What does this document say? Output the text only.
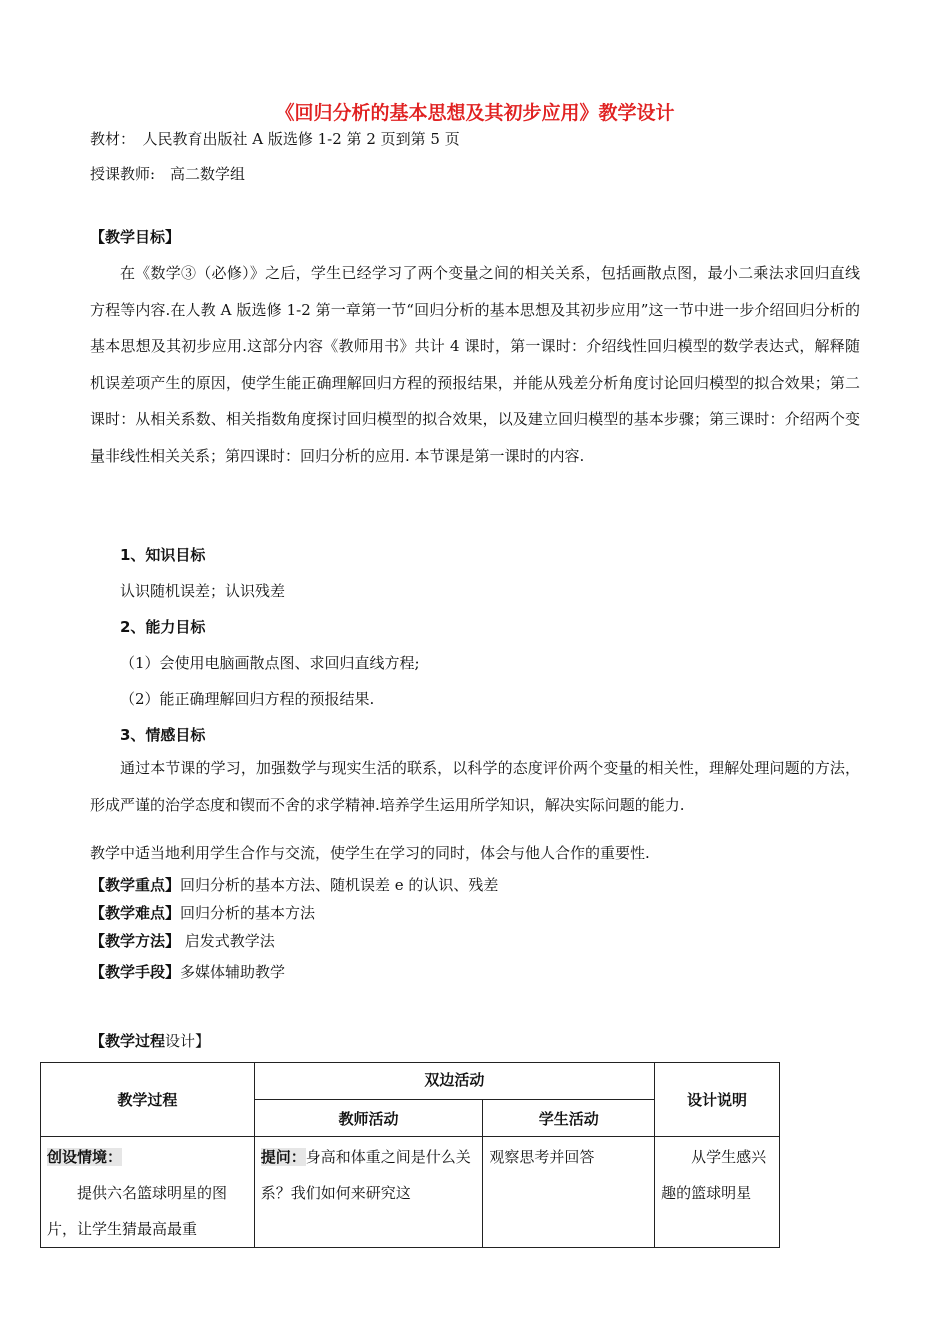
《回归分析的基本思想及其初步应用》教学设计
教材：　人民教育出版社 A 版选修 1-2 第 2 页到第 5 页
授课教师:　高二数学组
【教学目标】
在《数学③（必修）》之后，学生已经学习了两个变量之间的相关关系，包括画散点图，最小二乘法求回归直线方程等内容.在人教 A 版选修 1-2 第一章第一节“回归分析的基本思想及其初步应用”这一节中进一步介绍回归分析的基本思想及其初步应用.这部分内容《教师用书》共计 4 课时，第一课时：介绍线性回归模型的数学表达式，解释随机误差项产生的原因，使学生能正确理解回归方程的预报结果，并能从残差分析角度讨论回归模型的拟合效果；第二课时：从相关系数、相关指数角度探讨回归模型的拟合效果，以及建立回归模型的基本步骤；第三课时：介绍两个变量非线性相关关系；第四课时：回归分析的应用. 本节课是第一课时的内容.
1、知识目标
认识随机误差；认识残差
2、能力目标
（1）会使用电脑画散点图、求回归直线方程;
（2）能正确理解回归方程的预报结果.
3、情感目标
通过本节课的学习，加强数学与现实生活的联系，以科学的态度评价两个变量的相关性，理解处理问题的方法，形成严谨的治学态度和锲而不舍的求学精神.培养学生运用所学知识，解决实际问题的能力.
教学中适当地利用学生合作与交流，使学生在学习的同时，体会与他人合作的重要性.
【教学重点】回归分析的基本方法、随机误差 e 的认识、残差
【教学难点】回归分析的基本方法
【教学方法】 启发式教学法
【教学手段】多媒体辅助教学
【教学过程设计】
教学过程	双边活动		设计说明
	教师活动	学生活动	

创设情境：

提供六名篮球明星的图片，让学生猜最高最重	提问：身高和体重之间是什么关系？我们如何来研究这	观察思考并回答	从学生感兴趣的篮球明星
